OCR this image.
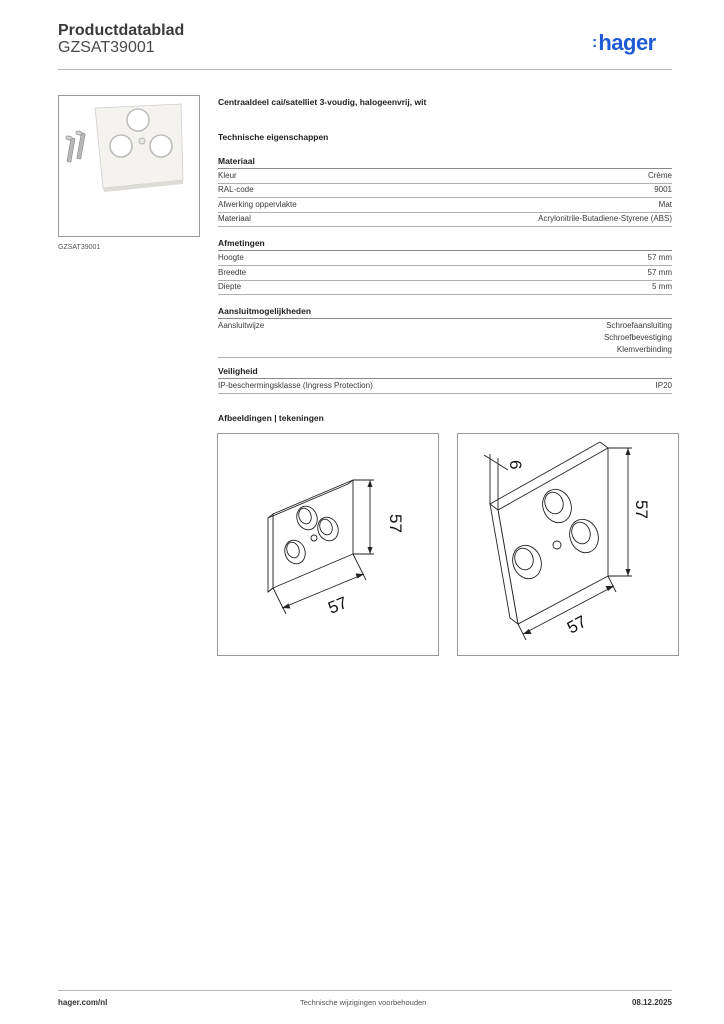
Productdatablad
GZSAT39001	:hager
GZSAT39001
Centraaldeel cai/satelliet 3-voudig, halogeenvrij, wit
Technische eigenschappen
Materiaal
Kleur	Crème
RAL-code	9001
Afwerking oppervlakte	Mat
Materiaal	Acrylonitrile-Butadiene-Styrene (ABS)
Afmetingen
Hoogte	57 mm
Breedte	57 mm
Diepte	5 mm
Aansluitmogelijkheden
Aansluitwijze	Schroefaansluiting
Schroefbevestiging
Klemverbinding
Veiligheid
IP-beschermingsklasse (Ingress Protection)	IP20
Afbeeldingen | tekeningen
57
57
6
57
57
hager.com/nl	Technische wijzigingen voorbehouden	08.12.2025
